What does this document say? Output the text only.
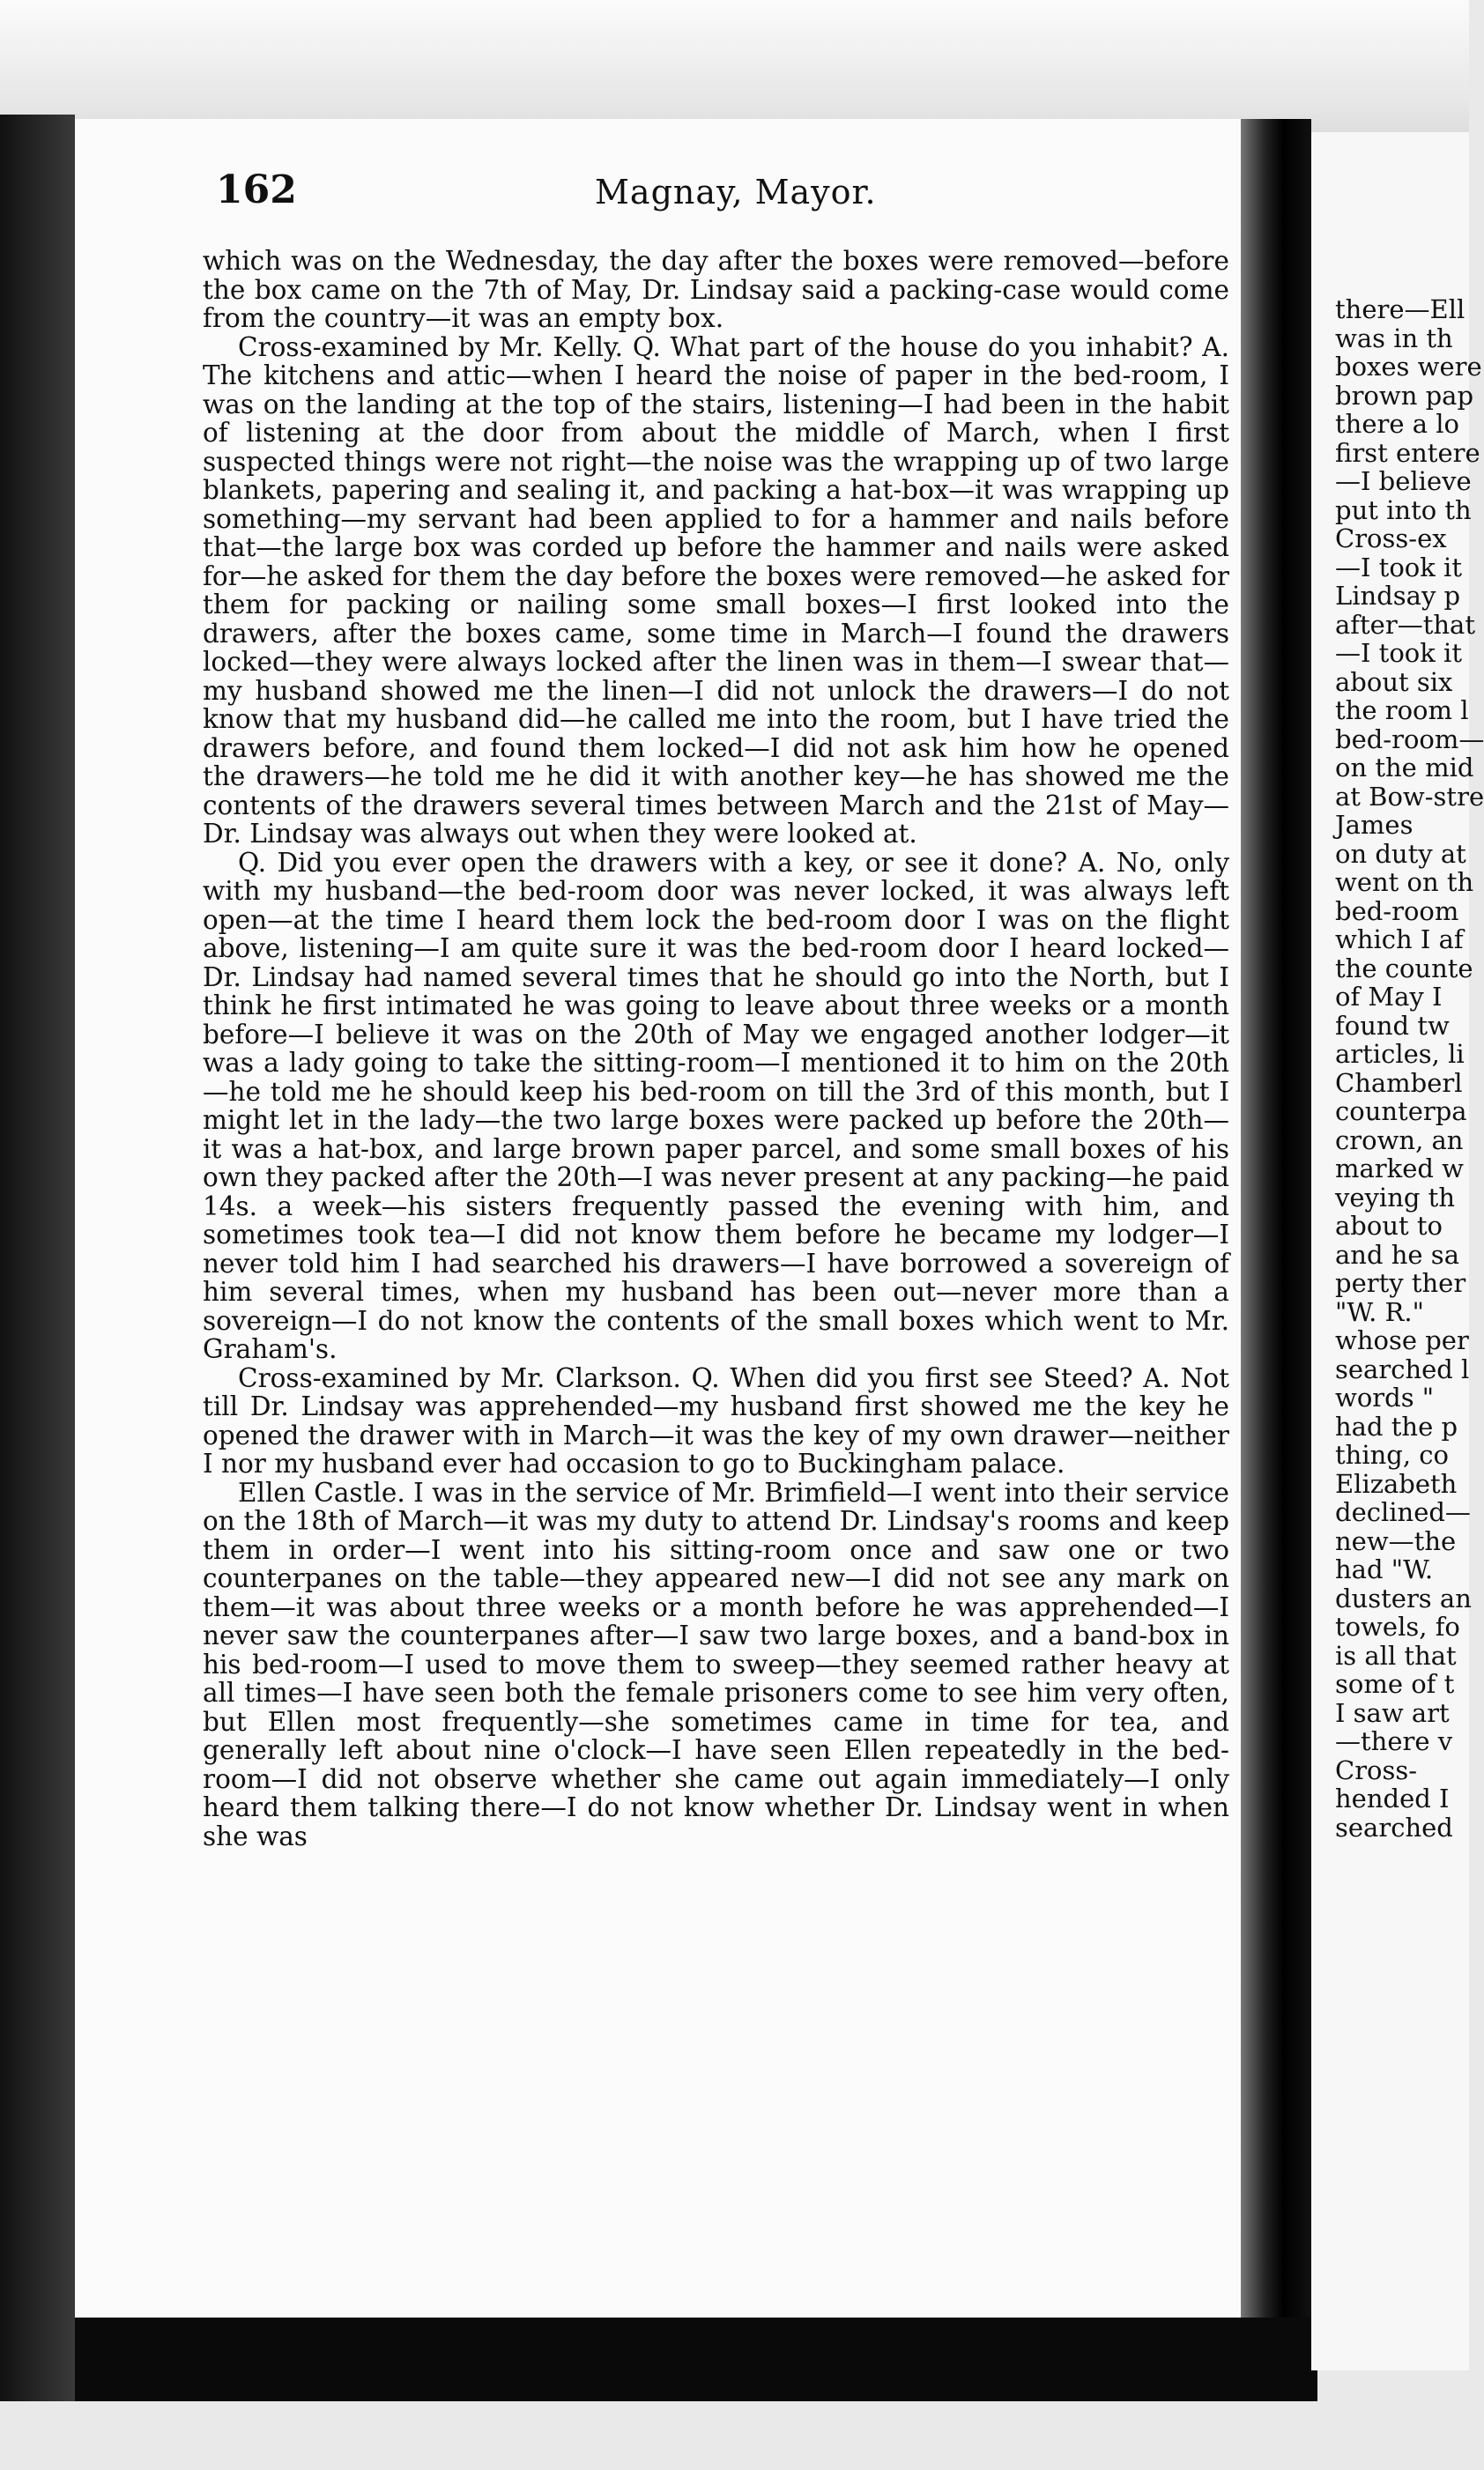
162	Magnay, Mayor.

which was on the Wednesday, the day after the boxes were removed—before the box came on the 7th of May, Dr. Lindsay said a packing-case would come from the country—it was an empty box.

Cross-examined by Mr. Kelly. Q. What part of the house do you inhabit? A. The kitchens and attic—when I heard the noise of paper in the bed-room, I was on the landing at the top of the stairs, listening—I had been in the habit of listening at the door from about the middle of March, when I first suspected things were not right—the noise was the wrapping up of two large blankets, papering and sealing it, and packing a hat-box—it was wrapping up something—my servant had been applied to for a hammer and nails before that—the large box was corded up before the hammer and nails were asked for—he asked for them the day before the boxes were removed—he asked for them for packing or nailing some small boxes—I first looked into the drawers, after the boxes came, some time in March—I found the drawers locked—they were always locked after the linen was in them—I swear that—my husband showed me the linen—I did not unlock the drawers—I do not know that my husband did—he called me into the room, but I have tried the drawers before, and found them locked—I did not ask him how he opened the drawers—he told me he did it with another key—he has showed me the contents of the drawers several times between March and the 21st of May—Dr. Lindsay was always out when they were looked at.

Q. Did you ever open the drawers with a key, or see it done? A. No, only with my husband—the bed-room door was never locked, it was always left open—at the time I heard them lock the bed-room door I was on the flight above, listening—I am quite sure it was the bed-room door I heard locked—Dr. Lindsay had named several times that he should go into the North, but I think he first intimated he was going to leave about three weeks or a month before—I believe it was on the 20th of May we engaged another lodger—it was a lady going to take the sitting-room—I mentioned it to him on the 20th—he told me he should keep his bed-room on till the 3rd of this month, but I might let in the lady—the two large boxes were packed up before the 20th—it was a hat-box, and large brown paper parcel, and some small boxes of his own they packed after the 20th—I was never present at any packing—he paid 14s. a week—his sisters frequently passed the evening with him, and sometimes took tea—I did not know them before he became my lodger—I never told him I had searched his drawers—I have borrowed a sovereign of him several times, when my husband has been out—never more than a sovereign—I do not know the contents of the small boxes which went to Mr. Graham's.

Cross-examined by Mr. Clarkson. Q. When did you first see Steed? A. Not till Dr. Lindsay was apprehended—my husband first showed me the key he opened the drawer with in March—it was the key of my own drawer—neither I nor my husband ever had occasion to go to Buckingham palace.

Ellen Castle. I was in the service of Mr. Brimfield—I went into their service on the 18th of March—it was my duty to attend Dr. Lindsay's rooms and keep them in order—I went into his sitting-room once and saw one or two counterpanes on the table—they appeared new—I did not see any mark on them—it was about three weeks or a month before he was apprehended—I never saw the counterpanes after—I saw two large boxes, and a band-box in his bed-room—I used to move them to sweep—they seemed rather heavy at all times—I have seen both the female prisoners come to see him very often, but Ellen most frequently—she sometimes came in time for tea, and generally left about nine o'clock—I have seen Ellen repeatedly in the bed-room—I did not observe whether she came out again immediately—I only heard them talking there—I do not know whether Dr. Lindsay went in when she was

there—Ell
was in th
boxes were
brown pap
there a lo
first entere
—I believe
put into th
Cross-ex
—I took it
Lindsay p
after—that
—I took it
about six
the room l
bed-room—
on the mid
at Bow-stre
James
on duty at
went on th
bed-room
which I af
the counte
of May I
found tw
articles, li
Chamberl
counterpa
crown, an
marked w
veying th
about to
and he sa
perty ther
"W. R."
whose per
searched l
words "
had the p
thing, co
Elizabeth
declined—
new—the
had "W.
dusters an
towels, fo
is all that
some of t
I saw art
—there v
Cross-
hended I
searched
